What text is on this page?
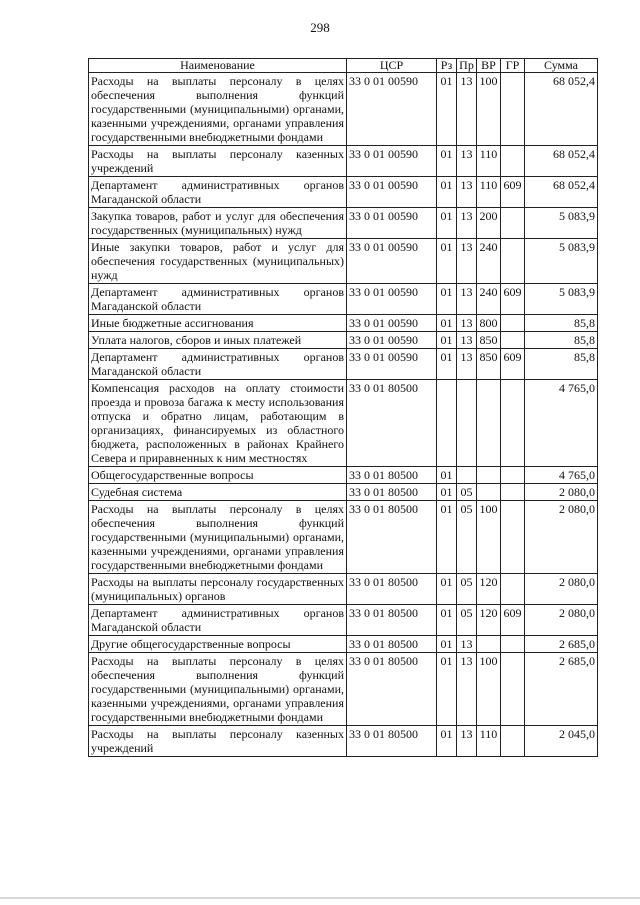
298
Наименование	ЦСР	Рз	Пр	ВР	ГР	Сумма
Расходы на выплаты персоналу в целях обеспечения выполнения функций государственными (муниципальными) органами, казенными учреждениями, органами управления государственными внебюджетными фондами	33 0 01 00590	01	13	100		68 052,4
Расходы на выплаты персоналу казенных учреждений	33 0 01 00590	01	13	110		68 052,4
Департамент административных органов Магаданской области	33 0 01 00590	01	13	110	609	68 052,4
Закупка товаров, работ и услуг для обеспечения государственных (муниципальных) нужд	33 0 01 00590	01	13	200		5 083,9
Иные закупки товаров, работ и услуг для обеспечения государственных (муниципальных) нужд	33 0 01 00590	01	13	240		5 083,9
Департамент административных органов Магаданской области	33 0 01 00590	01	13	240	609	5 083,9
Иные бюджетные ассигнования	33 0 01 00590	01	13	800		85,8
Уплата налогов, сборов и иных платежей	33 0 01 00590	01	13	850		85,8
Департамент административных органов Магаданской области	33 0 01 00590	01	13	850	609	85,8
Компенсация расходов на оплату стоимости проезда и провоза багажа к месту использования отпуска и обратно лицам, работающим в организациях, финансируемых из областного бюджета, расположенных в районах Крайнего Севера и приравненных к ним местностях	33 0 01 80500					4 765,0
Общегосударственные вопросы	33 0 01 80500	01				4 765,0
Судебная система	33 0 01 80500	01	05			2 080,0
Расходы на выплаты персоналу в целях обеспечения выполнения функций государственными (муниципальными) органами, казенными учреждениями, органами управления государственными внебюджетными фондами	33 0 01 80500	01	05	100		2 080,0
Расходы на выплаты персоналу государственных (муниципальных) органов	33 0 01 80500	01	05	120		2 080,0
Департамент административных органов Магаданской области	33 0 01 80500	01	05	120	609	2 080,0
Другие общегосударственные вопросы	33 0 01 80500	01	13			2 685,0
Расходы на выплаты персоналу в целях обеспечения выполнения функций государственными (муниципальными) органами, казенными учреждениями, органами управления государственными внебюджетными фондами	33 0 01 80500	01	13	100		2 685,0
Расходы на выплаты персоналу казенных учреждений	33 0 01 80500	01	13	110		2 045,0
